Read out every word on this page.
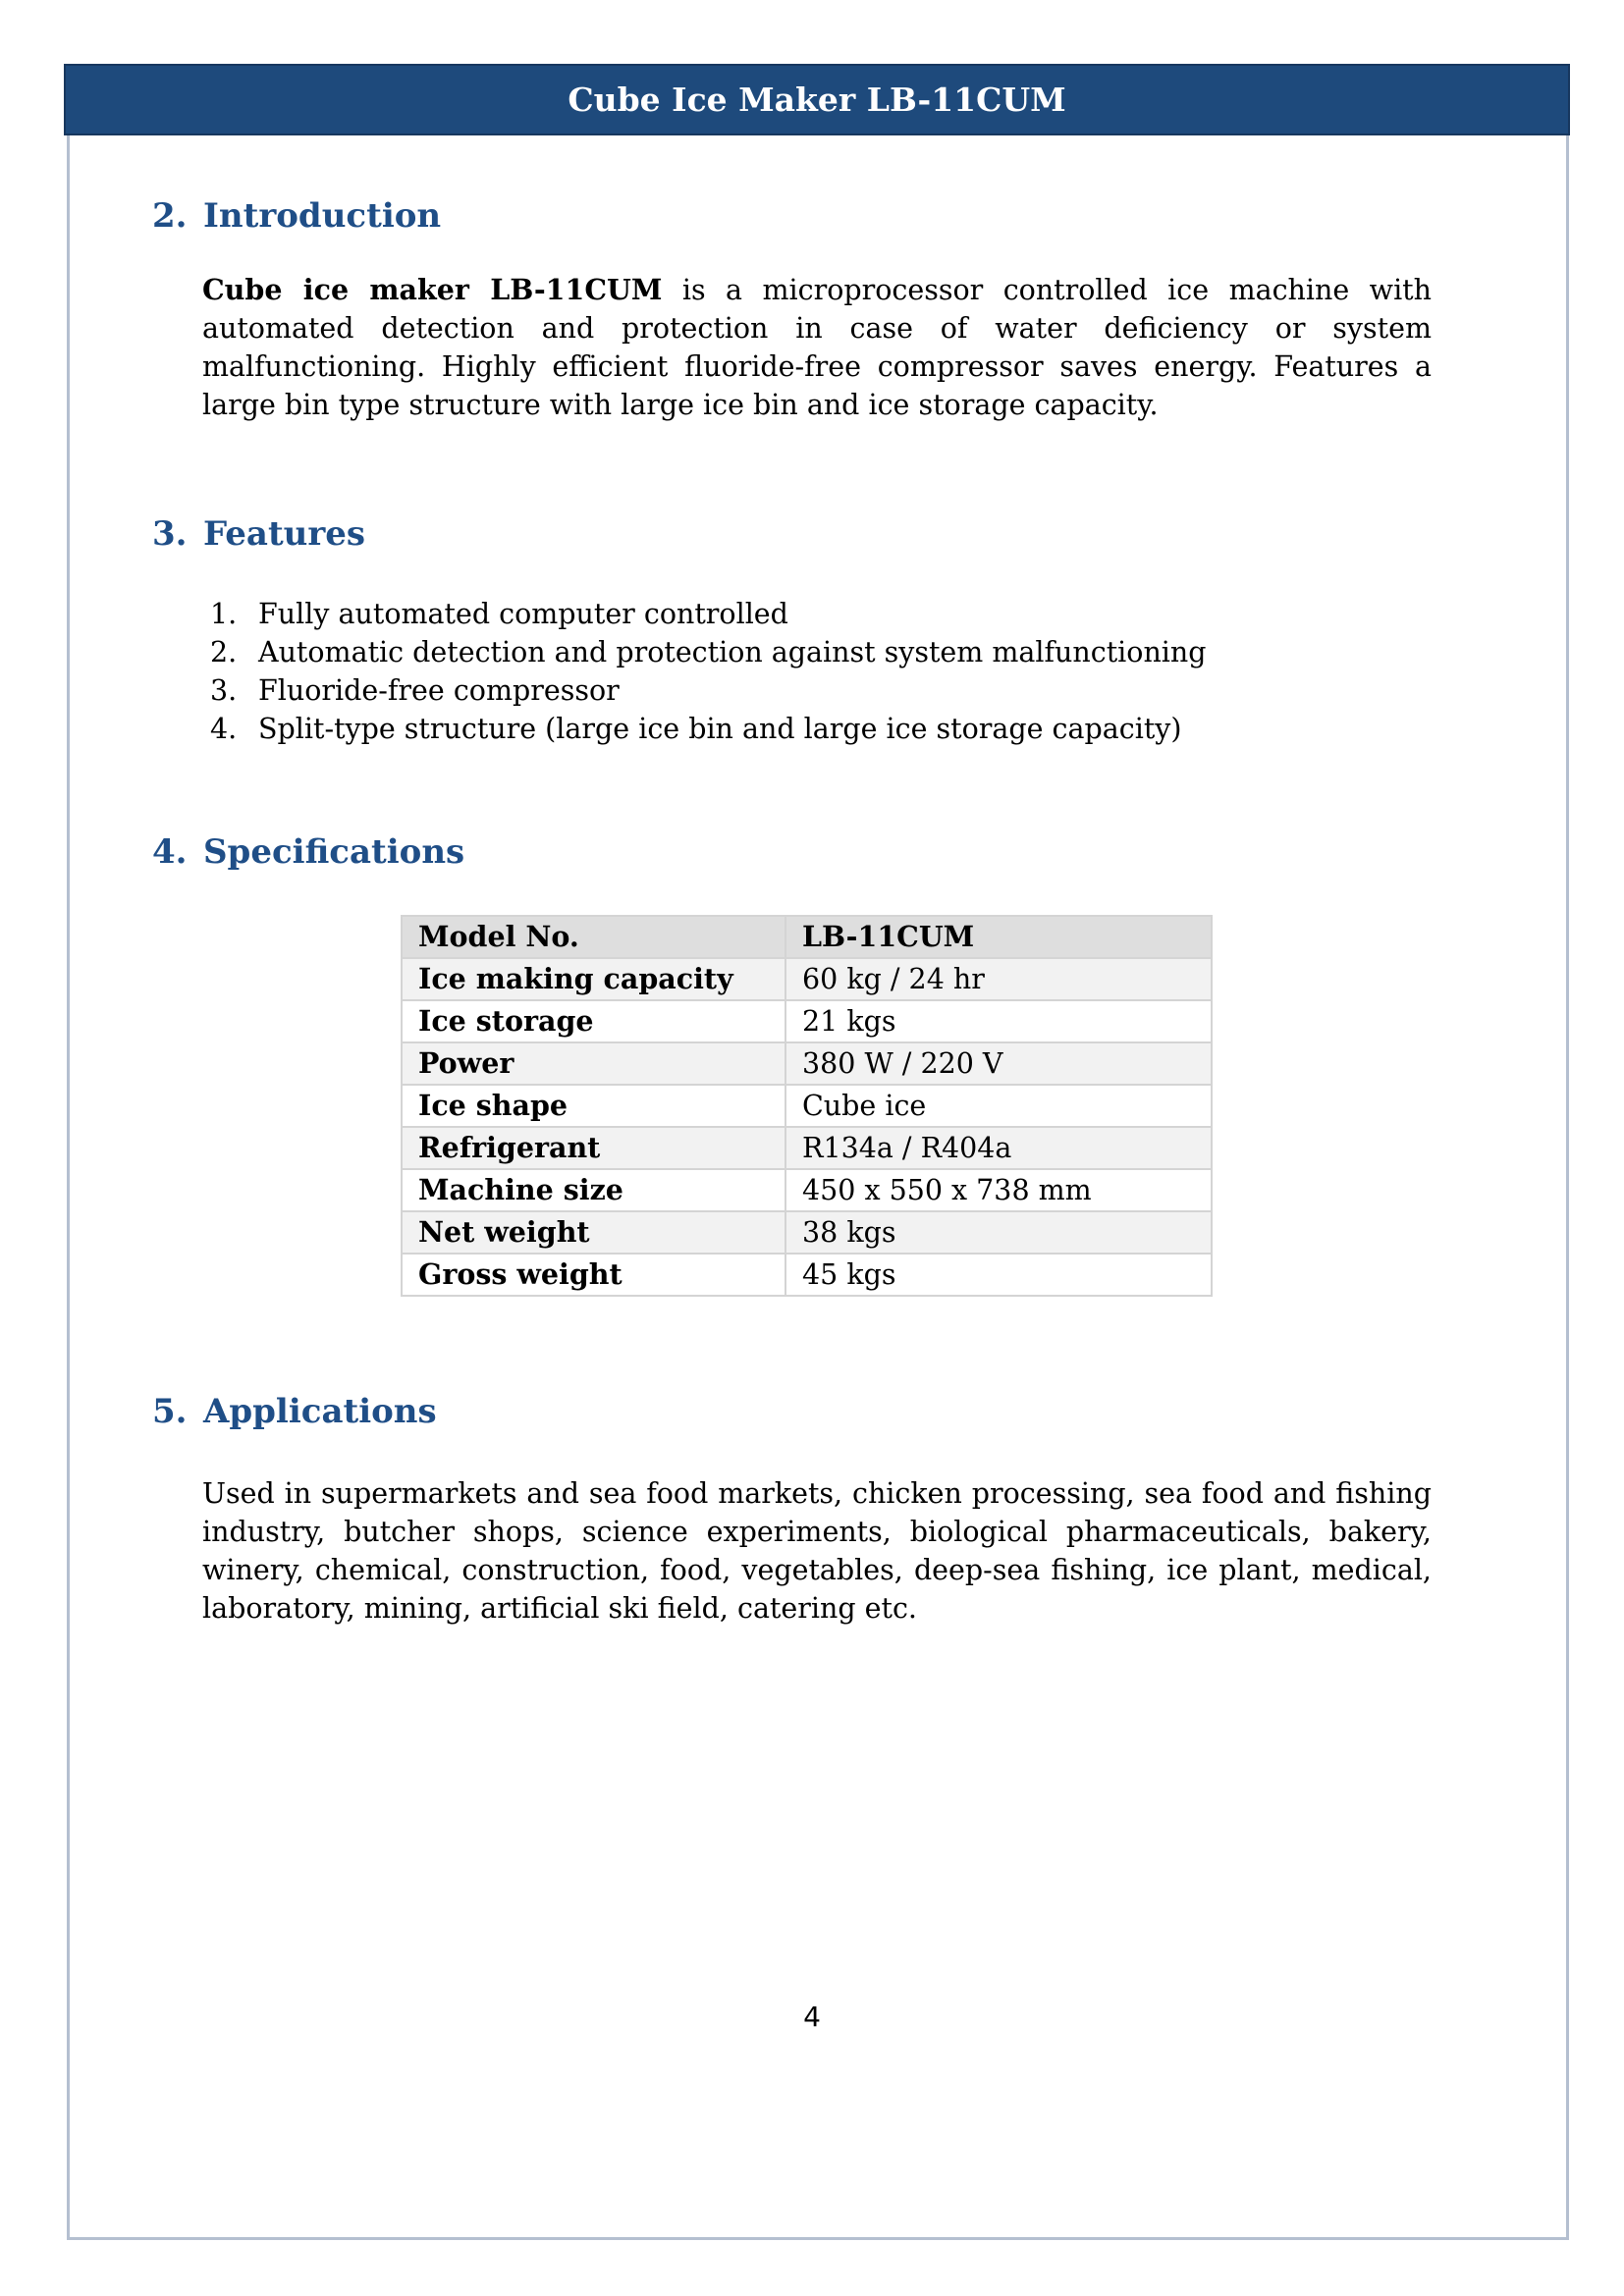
Cube Ice Maker LB-11CUM
2. Introduction

Cube ice maker LB-11CUM is a microprocessor controlled ice machine with automated detection and protection in case of water deficiency or system malfunctioning. Highly efficient fluoride-free compressor saves energy. Features a large bin type structure with large ice bin and ice storage capacity.

3. Features
1. Fully automated computer controlled
2. Automatic detection and protection against system malfunctioning
3. Fluoride-free compressor
4. Split-type structure (large ice bin and large ice storage capacity)
4. Specifications
Model No.	LB-11CUM
Ice making capacity	60 kg / 24 hr
Ice storage	21 kgs
Power	380 W / 220 V
Ice shape	Cube ice
Refrigerant	R134a / R404a
Machine size	450 x 550 x 738 mm
Net weight	38 kgs
Gross weight	45 kgs
5. Applications

Used in supermarkets and sea food markets, chicken processing, sea food and fishing industry, butcher shops, science experiments, biological pharmaceuticals, bakery, winery, chemical, construction, food, vegetables, deep-sea fishing, ice plant, medical, laboratory, mining, artificial ski field, catering etc.

4
